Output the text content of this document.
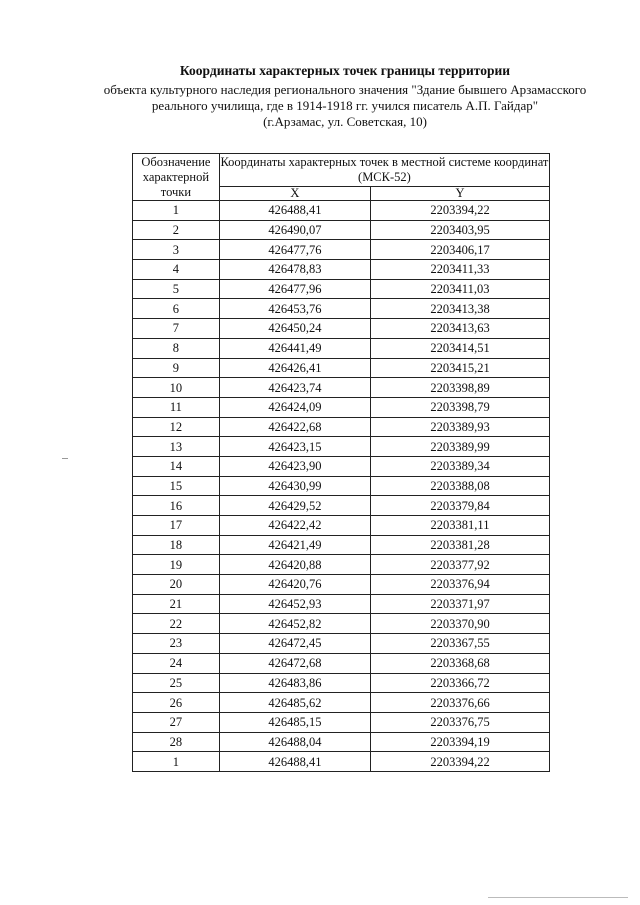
Координаты характерных точек границы территории

объекта культурного наследия регионального значения "Здание бывшего Арзамасского

реального училища, где в 1914-1918 гг. учился писатель А.П. Гайдар"

(г.Арзамас, ул. Советская, 10)

Обозначение характерной точки	Координаты характерных точек в местной системе координат (МСК-52)	
	X	Y
1	426488,41	2203394,22
2	426490,07	2203403,95
3	426477,76	2203406,17
4	426478,83	2203411,33
5	426477,96	2203411,03
6	426453,76	2203413,38
7	426450,24	2203413,63
8	426441,49	2203414,51
9	426426,41	2203415,21
10	426423,74	2203398,89
11	426424,09	2203398,79
12	426422,68	2203389,93
13	426423,15	2203389,99
14	426423,90	2203389,34
15	426430,99	2203388,08
16	426429,52	2203379,84
17	426422,42	2203381,11
18	426421,49	2203381,28
19	426420,88	2203377,92
20	426420,76	2203376,94
21	426452,93	2203371,97
22	426452,82	2203370,90
23	426472,45	2203367,55
24	426472,68	2203368,68
25	426483,86	2203366,72
26	426485,62	2203376,66
27	426485,15	2203376,75
28	426488,04	2203394,19
1	426488,41	2203394,22
